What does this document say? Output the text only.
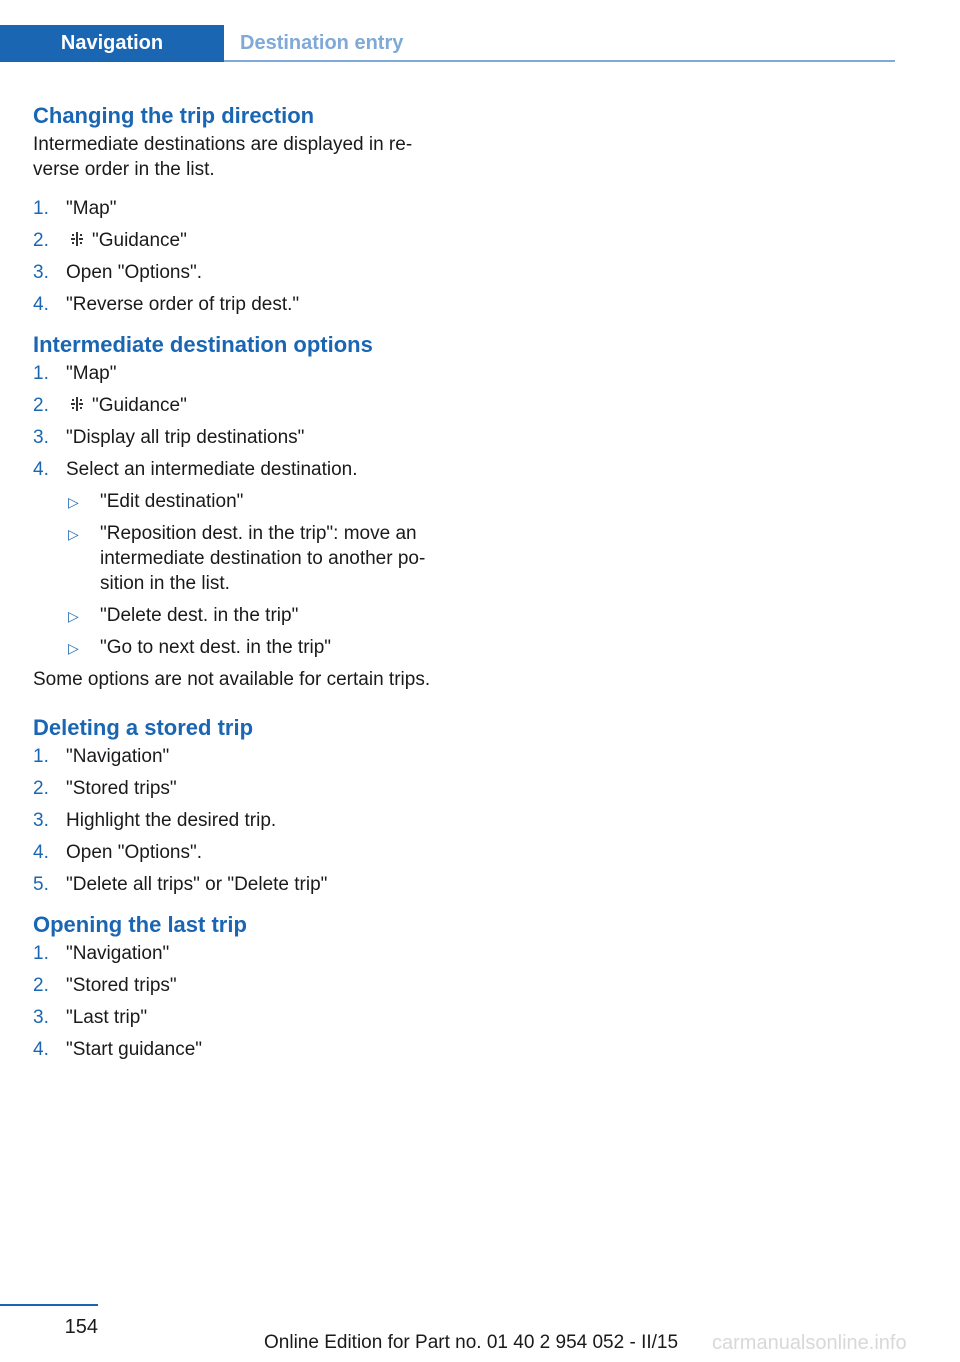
Navigation	Destination entry
Changing the trip direction

Intermediate destinations are displayed in re‐

verse order in the list.

1. "Map"
2. "Guidance"
3. Open "Options".
4. "Reverse order of trip dest."
Intermediate destination options
1. "Map"
2. "Guidance"
3. "Display all trip destinations"
4. Select an intermediate destination.
▷ "Edit destination"
▷ "Reposition dest. in the trip": move an
intermediate destination to another po‐
sition in the list.
▷ "Delete dest. in the trip"
▷ "Go to next dest. in the trip"

Some options are not available for certain trips.

Deleting a stored trip
1. "Navigation"
2. "Stored trips"
3. Highlight the desired trip.
4. Open "Options".
5. "Delete all trips" or "Delete trip"
Opening the last trip
1. "Navigation"
2. "Stored trips"
3. "Last trip"
4. "Start guidance"
154
Online Edition for Part no. 01 40 2 954 052 - II/15 carmanualsonline.info
